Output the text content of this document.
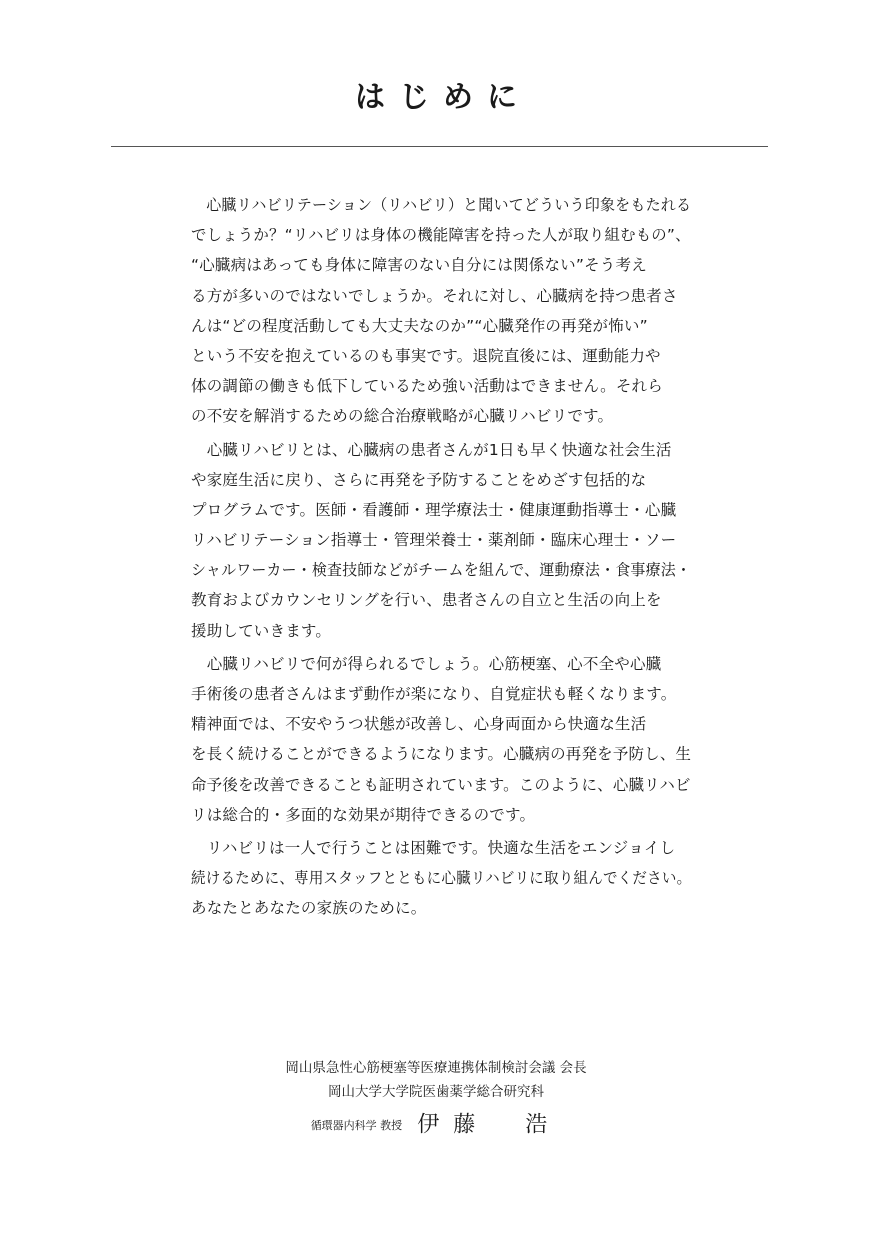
はじめに
　心臓リハビリテーション（リハビリ）と聞いてどういう印象をもたれる
でしょうか？“リハビリは身体の機能障害を持った人が取り組むもの”、
“心臓病はあっても身体に障害のない自分には関係ない”そう考え
る方が多いのではないでしょうか。それに対し、心臓病を持つ患者さ
んは“どの程度活動しても大丈夫なのか”“心臓発作の再発が怖い”
という不安を抱えているのも事実です。退院直後には、運動能力や
体の調節の働きも低下しているため強い活動はできません。それら
の不安を解消するための総合治療戦略が心臓リハビリです。
　心臓リハビリとは、心臓病の患者さんが1日も早く快適な社会生活
や家庭生活に戻り、さらに再発を予防することをめざす包括的な
プログラムです。医師・看護師・理学療法士・健康運動指導士・心臓
リハビリテーション指導士・管理栄養士・薬剤師・臨床心理士・ソー
シャルワーカー・検査技師などがチームを組んで、運動療法・食事療法・
教育およびカウンセリングを行い、患者さんの自立と生活の向上を
援助していきます。
　心臓リハビリで何が得られるでしょう。心筋梗塞、心不全や心臓
手術後の患者さんはまず動作が楽になり、自覚症状も軽くなります。
精神面では、不安やうつ状態が改善し、心身両面から快適な生活
を長く続けることができるようになります。心臓病の再発を予防し、生
命予後を改善できることも証明されています。このように、心臓リハビ
リは総合的・多面的な効果が期待できるのです。
　リハビリは一人で行うことは困難です。快適な生活をエンジョイし
続けるために、専用スタッフとともに心臓リハビリに取り組んでください。
あなたとあなたの家族のために。
岡山県急性心筋梗塞等医療連携体制検討会議 会長
岡山大学大学院医歯薬学総合研究科
循環器内科学 教授 伊藤　浩
